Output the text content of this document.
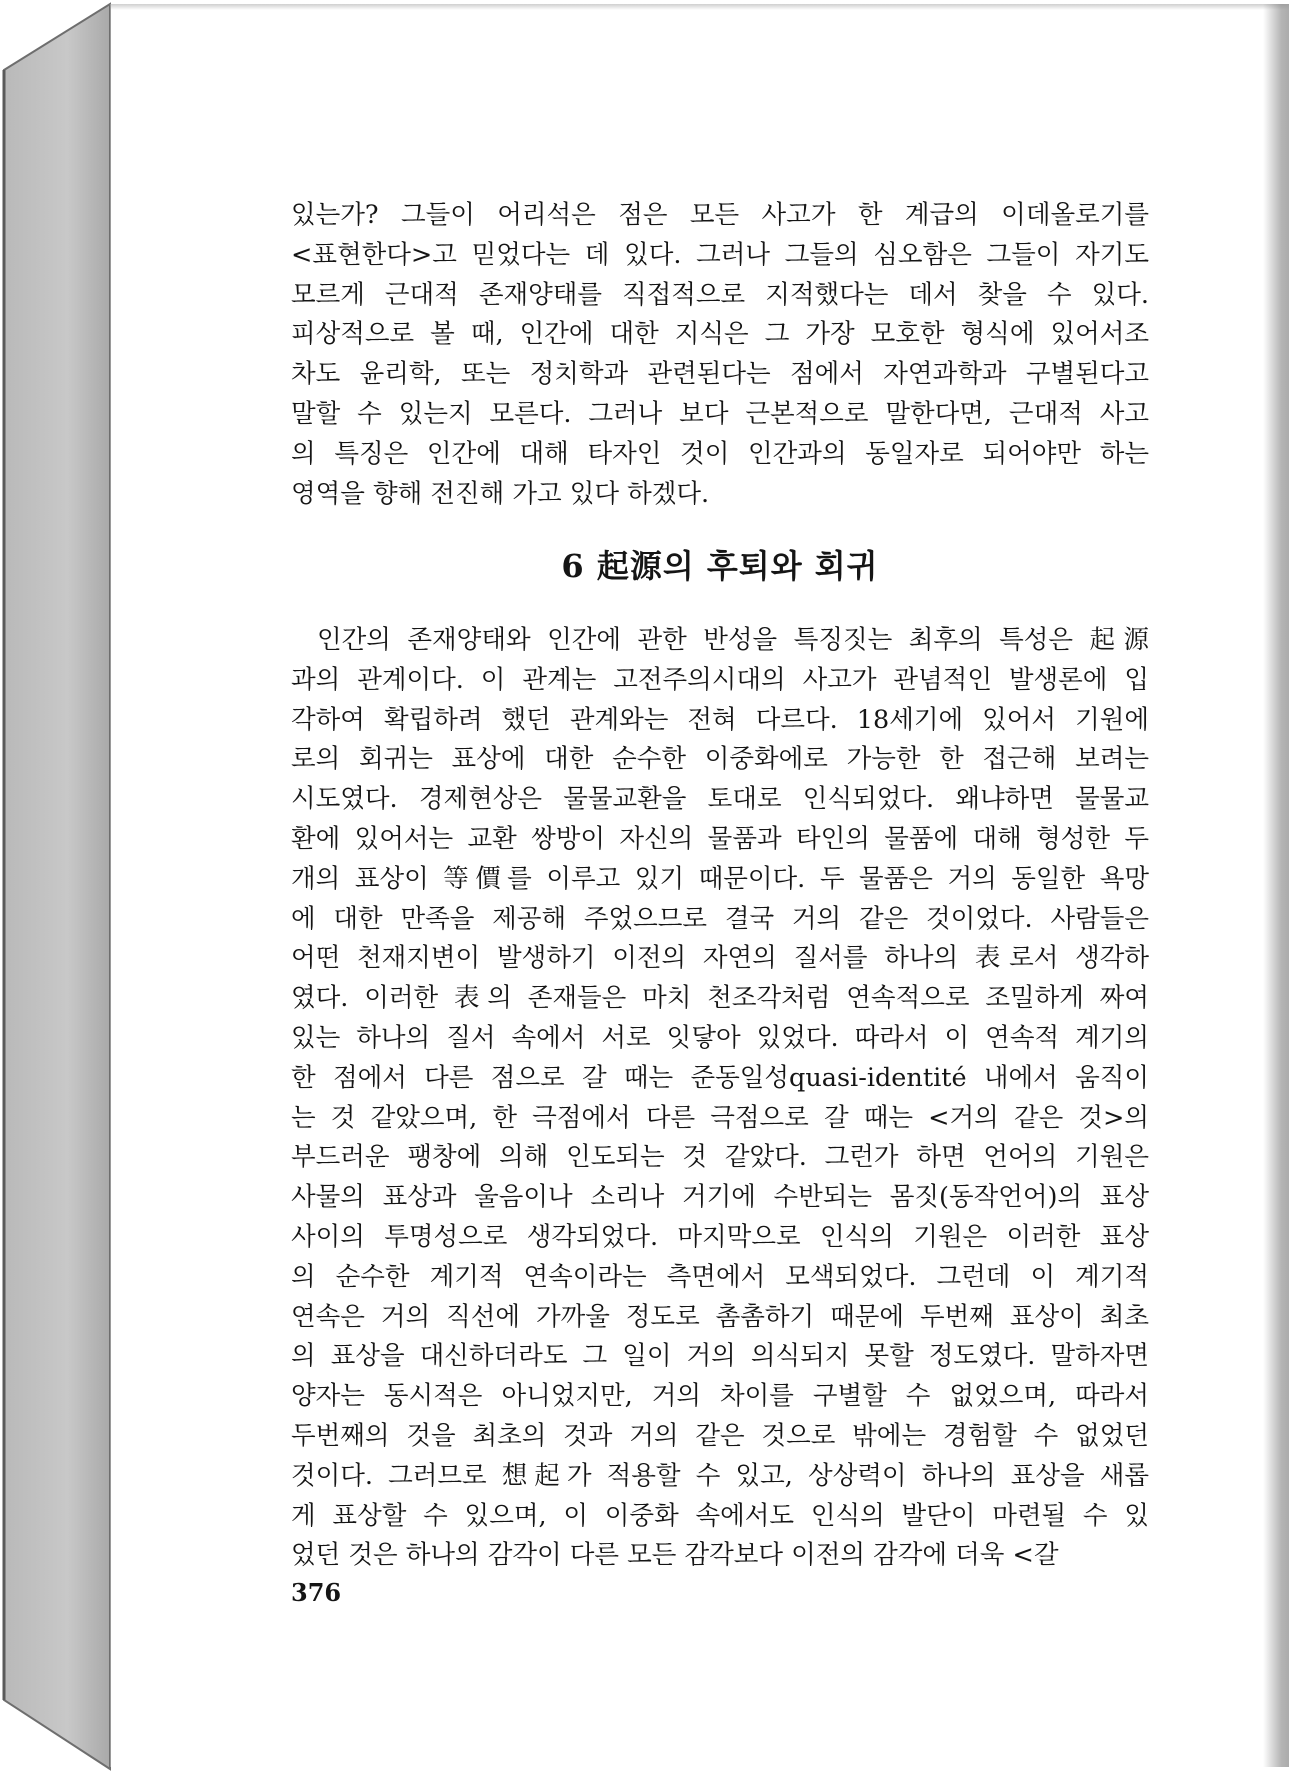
있는가? 그들이 어리석은 점은 모든 사고가 한 계급의 이데올로기를
<표현한다>고 믿었다는 데 있다. 그러나 그들의 심오함은 그들이 자기도
모르게 근대적 존재양태를 직접적으로 지적했다는 데서 찾을 수 있다.
피상적으로 볼 때, 인간에 대한 지식은 그 가장 모호한 형식에 있어서조
차도 윤리학, 또는 정치학과 관련된다는 점에서 자연과학과 구별된다고
말할 수 있는지 모른다. 그러나 보다 근본적으로 말한다면, 근대적 사고
의 특징은 인간에 대해 타자인 것이 인간과의 동일자로 되어야만 하는
영역을 향해 전진해 가고 있다 하겠다.
6 起源의 후퇴와 회귀
인간의 존재양태와 인간에 관한 반성을 특징짓는 최후의 특성은 起源
과의 관계이다. 이 관계는 고전주의시대의 사고가 관념적인 발생론에 입
각하여 확립하려 했던 관계와는 전혀 다르다. 18세기에 있어서 기원에
로의 회귀는 표상에 대한 순수한 이중화에로 가능한 한 접근해 보려는
시도였다. 경제현상은 물물교환을 토대로 인식되었다. 왜냐하면 물물교
환에 있어서는 교환 쌍방이 자신의 물품과 타인의 물품에 대해 형성한 두
개의 표상이 等價를 이루고 있기 때문이다. 두 물품은 거의 동일한 욕망
에 대한 만족을 제공해 주었으므로 결국 거의 같은 것이었다. 사람들은
어떤 천재지변이 발생하기 이전의 자연의 질서를 하나의 表로서 생각하
였다. 이러한 表의 존재들은 마치 천조각처럼 연속적으로 조밀하게 짜여
있는 하나의 질서 속에서 서로 잇닿아 있었다. 따라서 이 연속적 계기의
한 점에서 다른 점으로 갈 때는 준동일성quasi-identité 내에서 움직이
는 것 같았으며, 한 극점에서 다른 극점으로 갈 때는 <거의 같은 것>의
부드러운 팽창에 의해 인도되는 것 같았다. 그런가 하면 언어의 기원은
사물의 표상과 울음이나 소리나 거기에 수반되는 몸짓(동작언어)의 표상
사이의 투명성으로 생각되었다. 마지막으로 인식의 기원은 이러한 표상
의 순수한 계기적 연속이라는 측면에서 모색되었다. 그런데 이 계기적
연속은 거의 직선에 가까울 정도로 촘촘하기 때문에 두번째 표상이 최초
의 표상을 대신하더라도 그 일이 거의 의식되지 못할 정도였다. 말하자면
양자는 동시적은 아니었지만, 거의 차이를 구별할 수 없었으며, 따라서
두번째의 것을 최초의 것과 거의 같은 것으로 밖에는 경험할 수 없었던
것이다. 그러므로 想起가 적용할 수 있고, 상상력이 하나의 표상을 새롭
게 표상할 수 있으며, 이 이중화 속에서도 인식의 발단이 마련될 수 있
었던 것은 하나의 감각이 다른 모든 감각보다 이전의 감각에 더욱 <갈
376
